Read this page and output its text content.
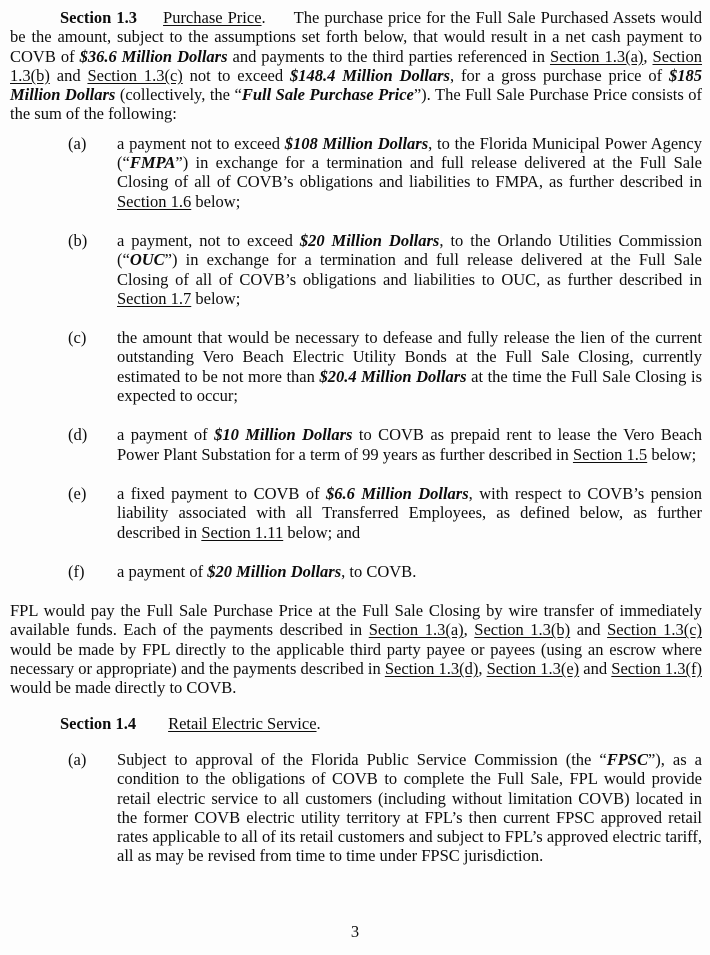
Section 1.3 Purchase Price. The purchase price for the Full Sale Purchased Assets would be the amount, subject to the assumptions set forth below, that would result in a net cash payment to COVB of $36.6 Million Dollars and payments to the third parties referenced in Section 1.3(a), Section 1.3(b) and Section 1.3(c) not to exceed $148.4 Million Dollars, for a gross purchase price of $185 Million Dollars (collectively, the “Full Sale Purchase Price”). The Full Sale Purchase Price consists of the sum of the following:
(a) a payment not to exceed $108 Million Dollars, to the Florida Municipal Power Agency (“FMPA”) in exchange for a termination and full release delivered at the Full Sale Closing of all of COVB’s obligations and liabilities to FMPA, as further described in Section 1.6 below;
(b) a payment, not to exceed $20 Million Dollars, to the Orlando Utilities Commission (“OUC”) in exchange for a termination and full release delivered at the Full Sale Closing of all of COVB’s obligations and liabilities to OUC, as further described in Section 1.7 below;
(c) the amount that would be necessary to defease and fully release the lien of the current outstanding Vero Beach Electric Utility Bonds at the Full Sale Closing, currently estimated to be not more than $20.4 Million Dollars at the time the Full Sale Closing is expected to occur;
(d) a payment of $10 Million Dollars to COVB as prepaid rent to lease the Vero Beach Power Plant Substation for a term of 99 years as further described in Section 1.5 below;
(e) a fixed payment to COVB of $6.6 Million Dollars, with respect to COVB’s pension liability associated with all Transferred Employees, as defined below, as further described in Section 1.11 below; and
(f) a payment of $20 Million Dollars, to COVB.
FPL would pay the Full Sale Purchase Price at the Full Sale Closing by wire transfer of immediately available funds. Each of the payments described in Section 1.3(a), Section 1.3(b) and Section 1.3(c) would be made by FPL directly to the applicable third party payee or payees (using an escrow where necessary or appropriate) and the payments described in Section 1.3(d), Section 1.3(e) and Section 1.3(f) would be made directly to COVB.
Section 1.4 Retail Electric Service.
(a) Subject to approval of the Florida Public Service Commission (the “FPSC”), as a condition to the obligations of COVB to complete the Full Sale, FPL would provide retail electric service to all customers (including without limitation COVB) located in the former COVB electric utility territory at FPL’s then current FPSC approved retail rates applicable to all of its retail customers and subject to FPL’s approved electric tariff, all as may be revised from time to time under FPSC jurisdiction.
3
